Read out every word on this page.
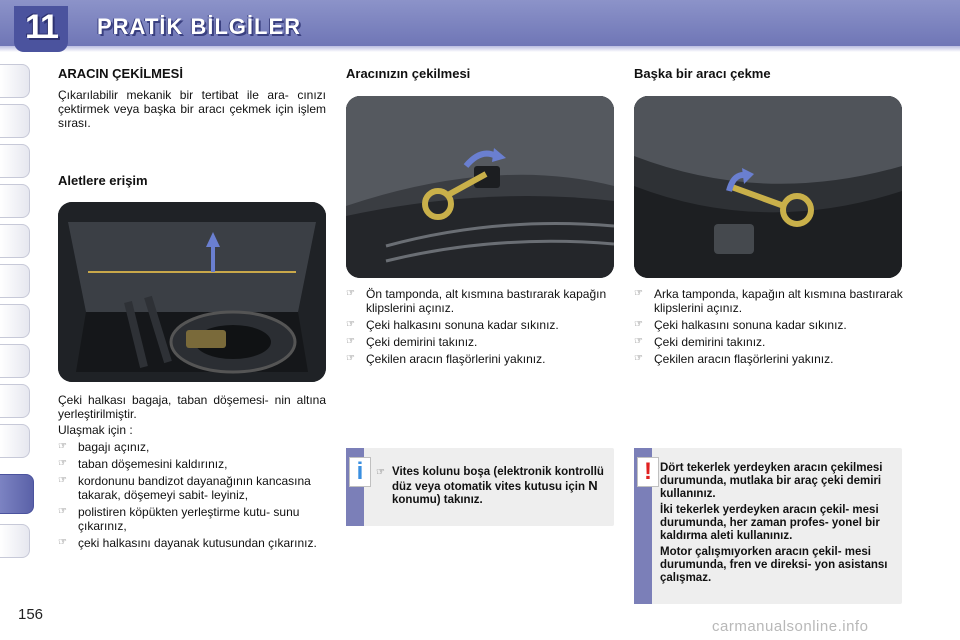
11	PRATİK BİLGİLER
ARACIN ÇEKİLMESİ

Çıkarılabilir mekanik bir tertibat ile ara- cınızı çektirmek veya başka bir aracı çekmek için işlem sırası.

Aletlere erişim

Çeki halkası bagaja, taban döşemesi- nin altına yerleştirilmiştir.

Ulaşmak için :

☞ bagajı açınız,
☞ taban döşemesini kaldırınız,
☞ kordonunu bandizot dayanağının kancasına takarak, döşemeyi sabit- leyiniz,
☞ polistiren köpükten yerleştirme kutu- sunu çıkarınız,
☞ çeki halkasını dayanak kutusundan çıkarınız.
Aracınızın çekilmesi
☞ Ön tamponda, alt kısmına bastırarak kapağın klipslerini açınız.
☞ Çeki halkasını sonuna kadar sıkınız.
☞ Çeki demirini takınız.
☞ Çekilen aracın flaşörlerini yakınız.
Başka bir aracı çekme
☞ Arka tamponda, kapağın alt kısmına bastırarak klipslerini açınız.
☞ Çeki halkasını sonuna kadar sıkınız.
☞ Çeki demirini takınız.
☞ Çekilen aracın flaşörlerini yakınız.
i	☞ Vites kolunu boşa (elektronik kontrollü düz veya otomatik vites kutusu için N konumu) takınız.

! Dört tekerlek yerdeyken aracın çekilmesi durumunda, mutlaka bir araç çeki demiri kullanınız.

İki tekerlek yerdeyken aracın çekil- mesi durumunda, her zaman profes- yonel bir kaldırma aleti kullanınız.

Motor çalışmıyorken aracın çekil- mesi durumunda, fren ve direksi- yon asistansı çalışmaz.

156
carmanualsonline.info
